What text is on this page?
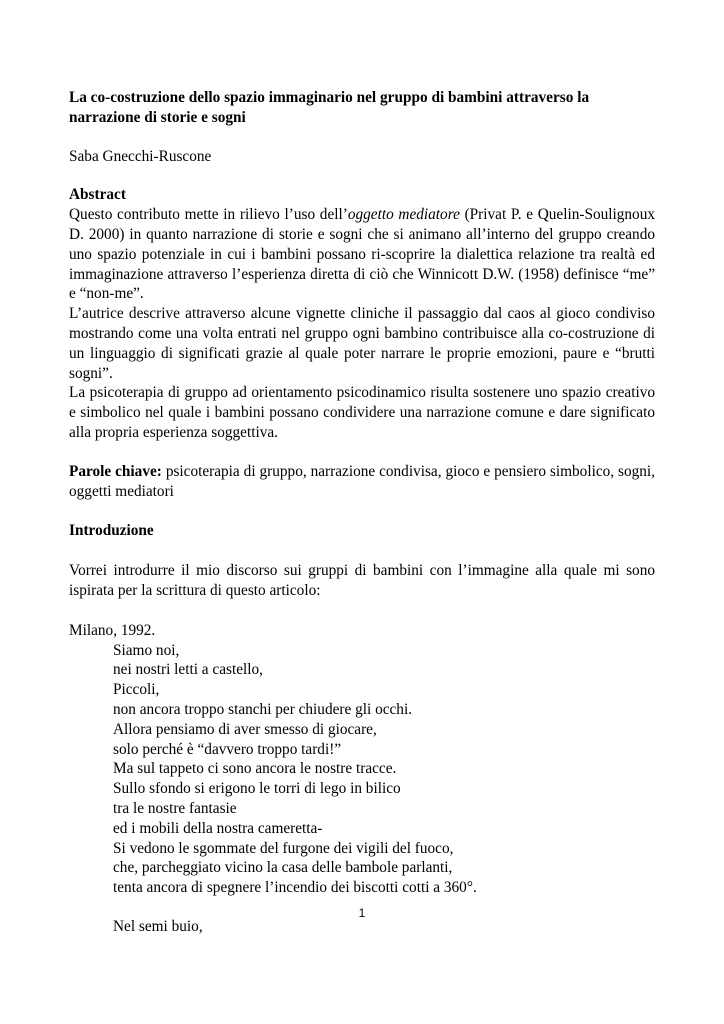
La co-costruzione dello spazio immaginario nel gruppo di bambini attraverso la narrazione di storie e sogni

Saba Gnecchi-Ruscone

Abstract

Questo contributo mette in rilievo l’uso dell’oggetto mediatore (Privat P. e Quelin-Soulignoux D. 2000) in quanto narrazione di storie e sogni che si animano all’interno del gruppo creando uno spazio potenziale in cui i bambini possano ri-scoprire la dialettica relazione tra realtà ed immaginazione attraverso l’esperienza diretta di ciò che Winnicott D.W. (1958) definisce “me” e “non-me”.

L’autrice descrive attraverso alcune vignette cliniche il passaggio dal caos al gioco condiviso mostrando come una volta entrati nel gruppo ogni bambino contribuisce alla co-costruzione di un linguaggio di significati grazie al quale poter narrare le proprie emozioni, paure e “brutti sogni”.

La psicoterapia di gruppo ad orientamento psicodinamico risulta sostenere uno spazio creativo e simbolico nel quale i bambini possano condividere una narrazione comune e dare significato alla propria esperienza soggettiva.

Parole chiave: psicoterapia di gruppo, narrazione condivisa, gioco e pensiero simbolico, sogni, oggetti mediatori

Introduzione

Vorrei introdurre il mio discorso sui gruppi di bambini con l’immagine alla quale mi sono ispirata per la scrittura di questo articolo:

Milano, 1992.

Siamo noi,
nei nostri letti a castello,
Piccoli,
non ancora troppo stanchi per chiudere gli occhi.
Allora pensiamo di aver smesso di giocare,
solo perché è “davvero troppo tardi!”
Ma sul tappeto ci sono ancora le nostre tracce.
Sullo sfondo si erigono le torri di lego in bilico
tra le nostre fantasie
ed i mobili della nostra cameretta-
Si vedono le sgommate del furgone dei vigili del fuoco,
che, parcheggiato vicino la casa delle bambole parlanti,
tenta ancora di spegnere l’incendio dei biscotti cotti a 360°.

Nel semi buio,

1
